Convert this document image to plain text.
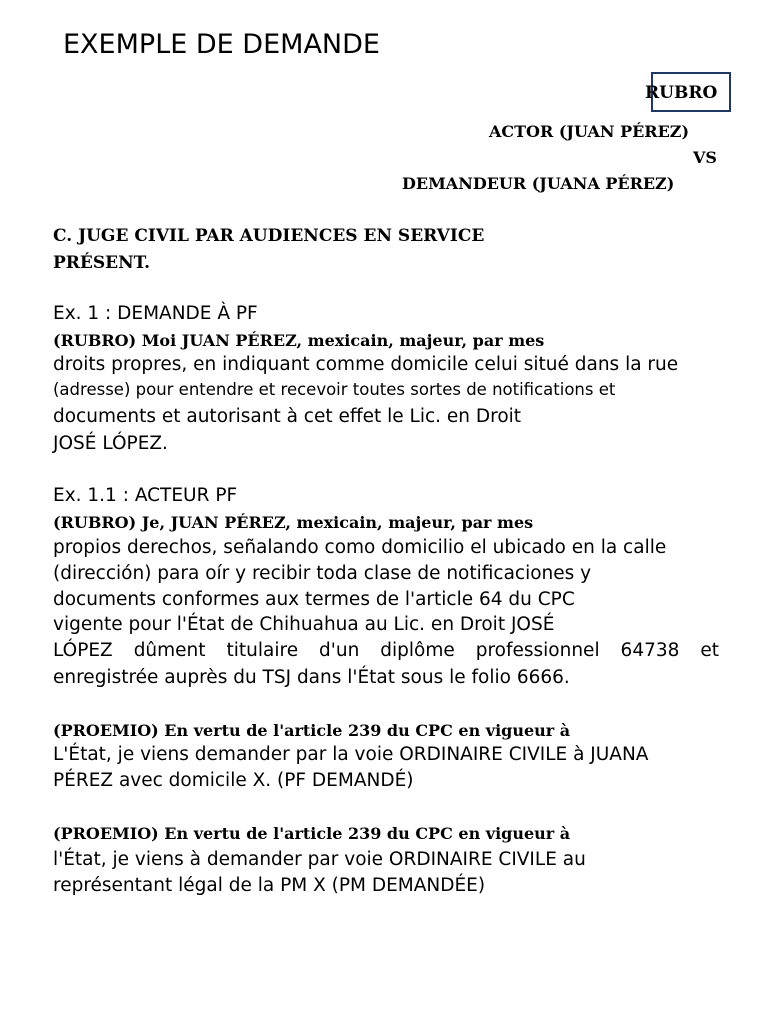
EXEMPLE DE DEMANDE
RUBRO
ACTOR (JUAN PÉREZ)
VS
DEMANDEUR (JUANA PÉREZ)
C. JUGE CIVIL PAR AUDIENCES EN SERVICE
PRÉSENT.
Ex. 1 : DEMANDE À PF
(RUBRO) Moi JUAN PÉREZ, mexicain, majeur, par mes
droits propres, en indiquant comme domicile celui situé dans la rue
(adresse) pour entendre et recevoir toutes sortes de notifications et
documents et autorisant à cet effet le Lic. en Droit
JOSÉ LÓPEZ.
Ex. 1.1 : ACTEUR PF
(RUBRO) Je, JUAN PÉREZ, mexicain, majeur, par mes
propios derechos, señalando como domicilio el ubicado en la calle
(dirección) para oír y recibir toda clase de notificaciones y
documents conformes aux termes de l'article 64 du CPC
vigente pour l'État de Chihuahua au Lic. en Droit JOSÉ
LÓPEZ dûment titulaire d'un diplôme professionnel 64738 et
enregistrée auprès du TSJ dans l'État sous le folio 6666.
(PROEMIO) En vertu de l'article 239 du CPC en vigueur à
L'État, je viens demander par la voie ORDINAIRE CIVILE à JUANA
PÉREZ avec domicile X. (PF DEMANDÉ)
(PROEMIO) En vertu de l'article 239 du CPC en vigueur à
l'État, je viens à demander par voie ORDINAIRE CIVILE au
représentant légal de la PM X (PM DEMANDÉE)
